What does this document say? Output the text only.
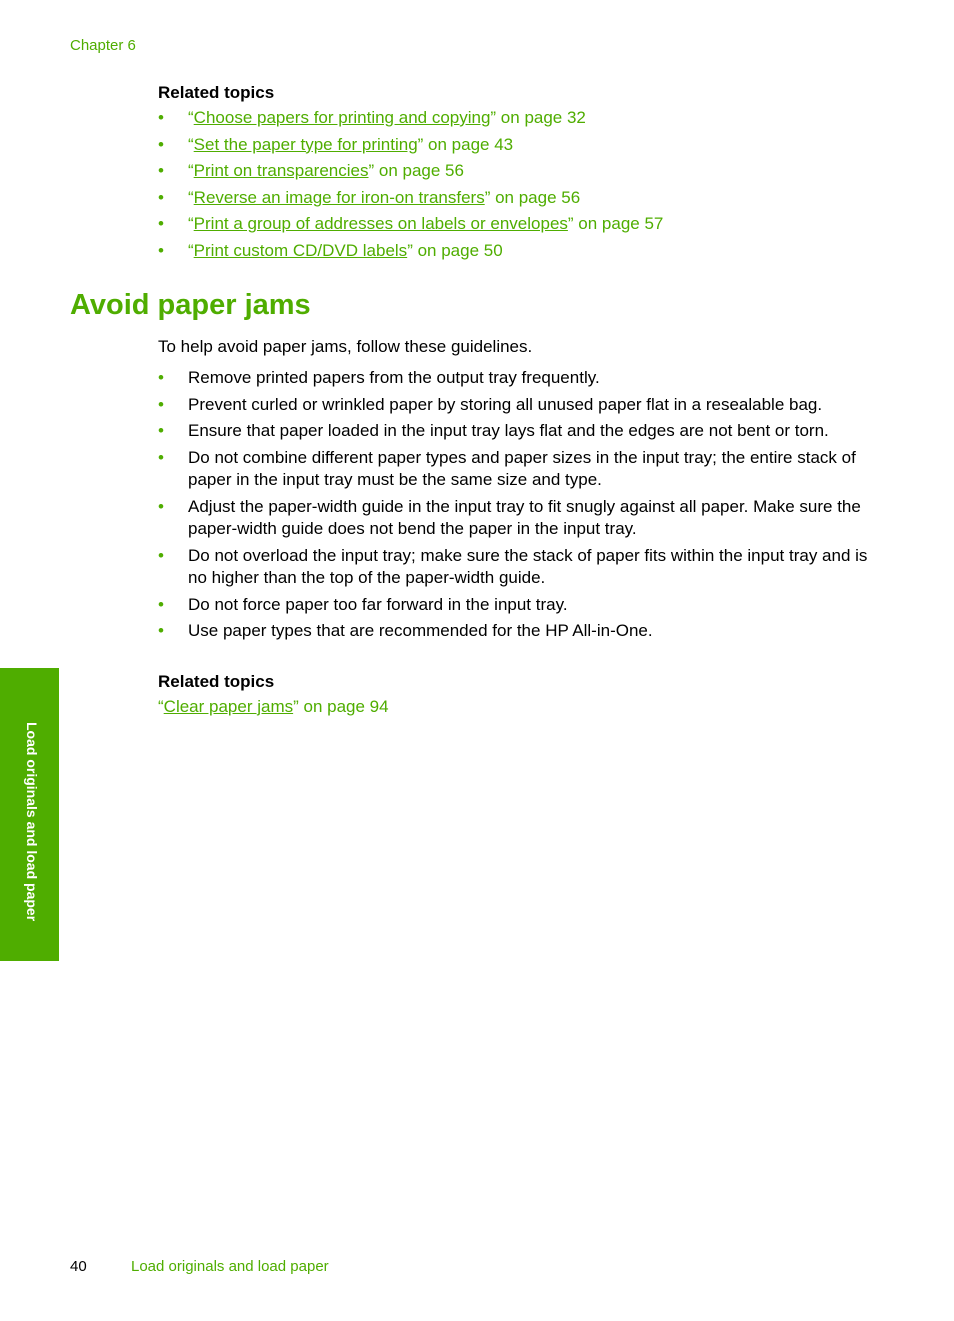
Chapter 6
Related topics
• “Choose papers for printing and copying” on page 32
• “Set the paper type for printing” on page 43
• “Print on transparencies” on page 56
• “Reverse an image for iron-on transfers” on page 56
• “Print a group of addresses on labels or envelopes” on page 57
• “Print custom CD/DVD labels” on page 50
Avoid paper jams

To help avoid paper jams, follow these guidelines.

• Remove printed papers from the output tray frequently.
• Prevent curled or wrinkled paper by storing all unused paper flat in a resealable bag.
• Ensure that paper loaded in the input tray lays flat and the edges are not bent or torn.
• Do not combine different paper types and paper sizes in the input tray; the entire stack of paper in the input tray must be the same size and type.
• Adjust the paper-width guide in the input tray to fit snugly against all paper. Make sure the paper-width guide does not bend the paper in the input tray.
• Do not overload the input tray; make sure the stack of paper fits within the input tray and is no higher than the top of the paper-width guide.
• Do not force paper too far forward in the input tray.
• Use paper types that are recommended for the HP All-in-One.
Related topics
“Clear paper jams” on page 94
Load originals and load paper
40	Load originals and load paper
